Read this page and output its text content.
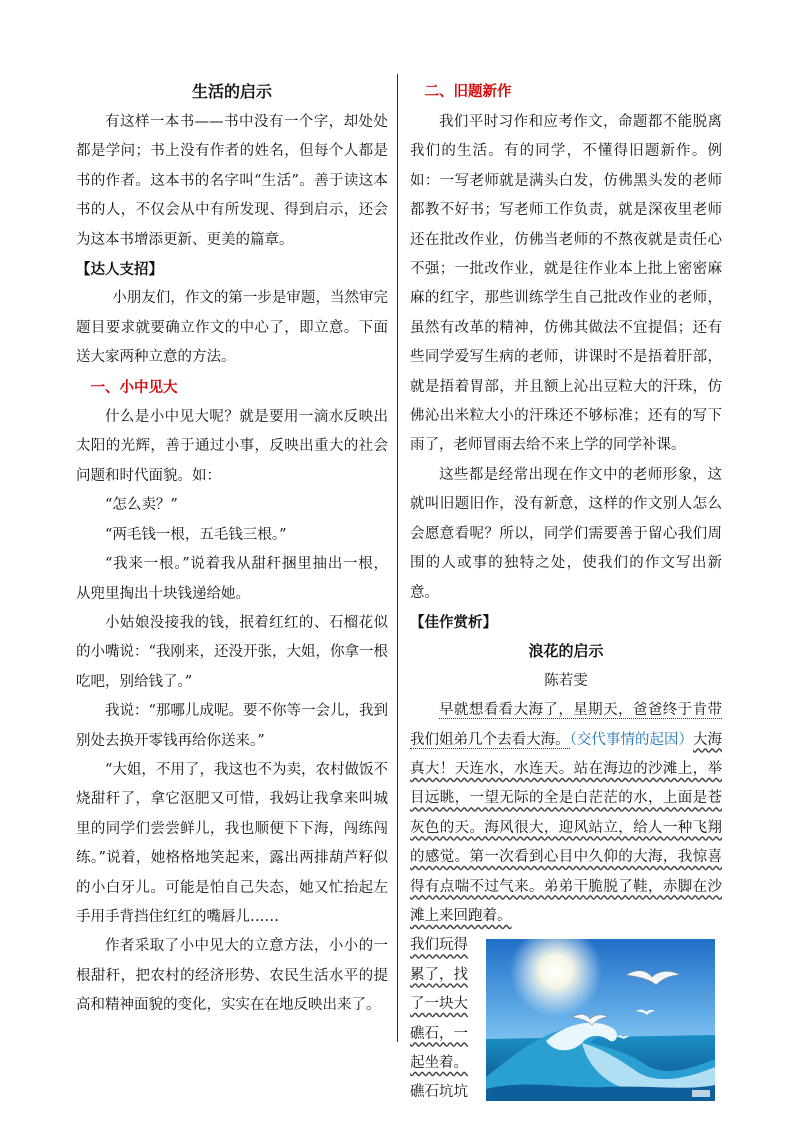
生活的启示

有这样一本书——书中没有一个字，却处处都是学问；书上没有作者的姓名，但每个人都是书的作者。这本书的名字叫“生活”。善于读这本书的人，不仅会从中有所发现、得到启示，还会为这本书增添更新、更美的篇章。

【达人支招】

小朋友们，作文的第一步是审题，当然审完题目要求就要确立作文的中心了，即立意。下面送大家两种立意的方法。

一、小中见大

什么是小中见大呢？就是要用一滴水反映出太阳的光辉，善于通过小事，反映出重大的社会问题和时代面貌。如：

“怎么卖？”

“两毛钱一根，五毛钱三根。”

“我来一根。”说着我从甜秆捆里抽出一根，从兜里掏出十块钱递给她。

小姑娘没接我的钱，抿着红红的、石榴花似的小嘴说：“我刚来，还没开张，大姐，你拿一根吃吧，别给钱了。”

我说：“那哪儿成呢。要不你等一会儿，我到别处去换开零钱再给你送来。”

“大姐，不用了，我这也不为卖，农村做饭不烧甜秆了，拿它沤肥又可惜，我妈让我拿来叫城里的同学们尝尝鲜儿，我也顺便下下海，闯练闯练。”说着，她格格地笑起来，露出两排葫芦籽似的小白牙儿。可能是怕自己失态，她又忙抬起左手用手背挡住红红的嘴唇儿……

作者采取了小中见大的立意方法，小小的一根甜秆，把农村的经济形势、农民生活水平的提高和精神面貌的变化，实实在在地反映出来了。

二、旧题新作

我们平时习作和应考作文，命题都不能脱离我们的生活。有的同学，不懂得旧题新作。例如：一写老师就是满头白发，仿佛黑头发的老师都教不好书；写老师工作负责，就是深夜里老师还在批改作业，仿佛当老师的不熬夜就是责任心不强；一批改作业，就是往作业本上批上密密麻麻的红字，那些训练学生自己批改作业的老师，虽然有改革的精神，仿佛其做法不宜提倡；还有些同学爱写生病的老师，讲课时不是捂着肝部，就是捂着胃部，并且额上沁出豆粒大的汗珠，仿佛沁出米粒大小的汗珠还不够标准；还有的写下雨了，老师冒雨去给不来上学的同学补课。

这些都是经常出现在作文中的老师形象，这就叫旧题旧作，没有新意，这样的作文别人怎么会愿意看呢？所以，同学们需要善于留心我们周围的人或事的独特之处，使我们的作文写出新意。

【佳作赏析】

浪花的启示

陈若雯

早就想看看大海了，星期天，爸爸终于肯带我们姐弟几个去看大海。（交代事情的起因）大海真大！天连水，水连天。站在海边的沙滩上，举目远眺，一望无际的全是白茫茫的水，上面是苍灰色的天。海风很大，迎风站立，给人一种飞翔的感觉。第一次看到心目中久仰的大海，我惊喜得有点喘不过气来。弟弟干脆脱了鞋，赤脚在沙滩上来回跑着。

我们玩得
累了，找
了一块大
礁石，一
起坐着。
礁石坑坑
